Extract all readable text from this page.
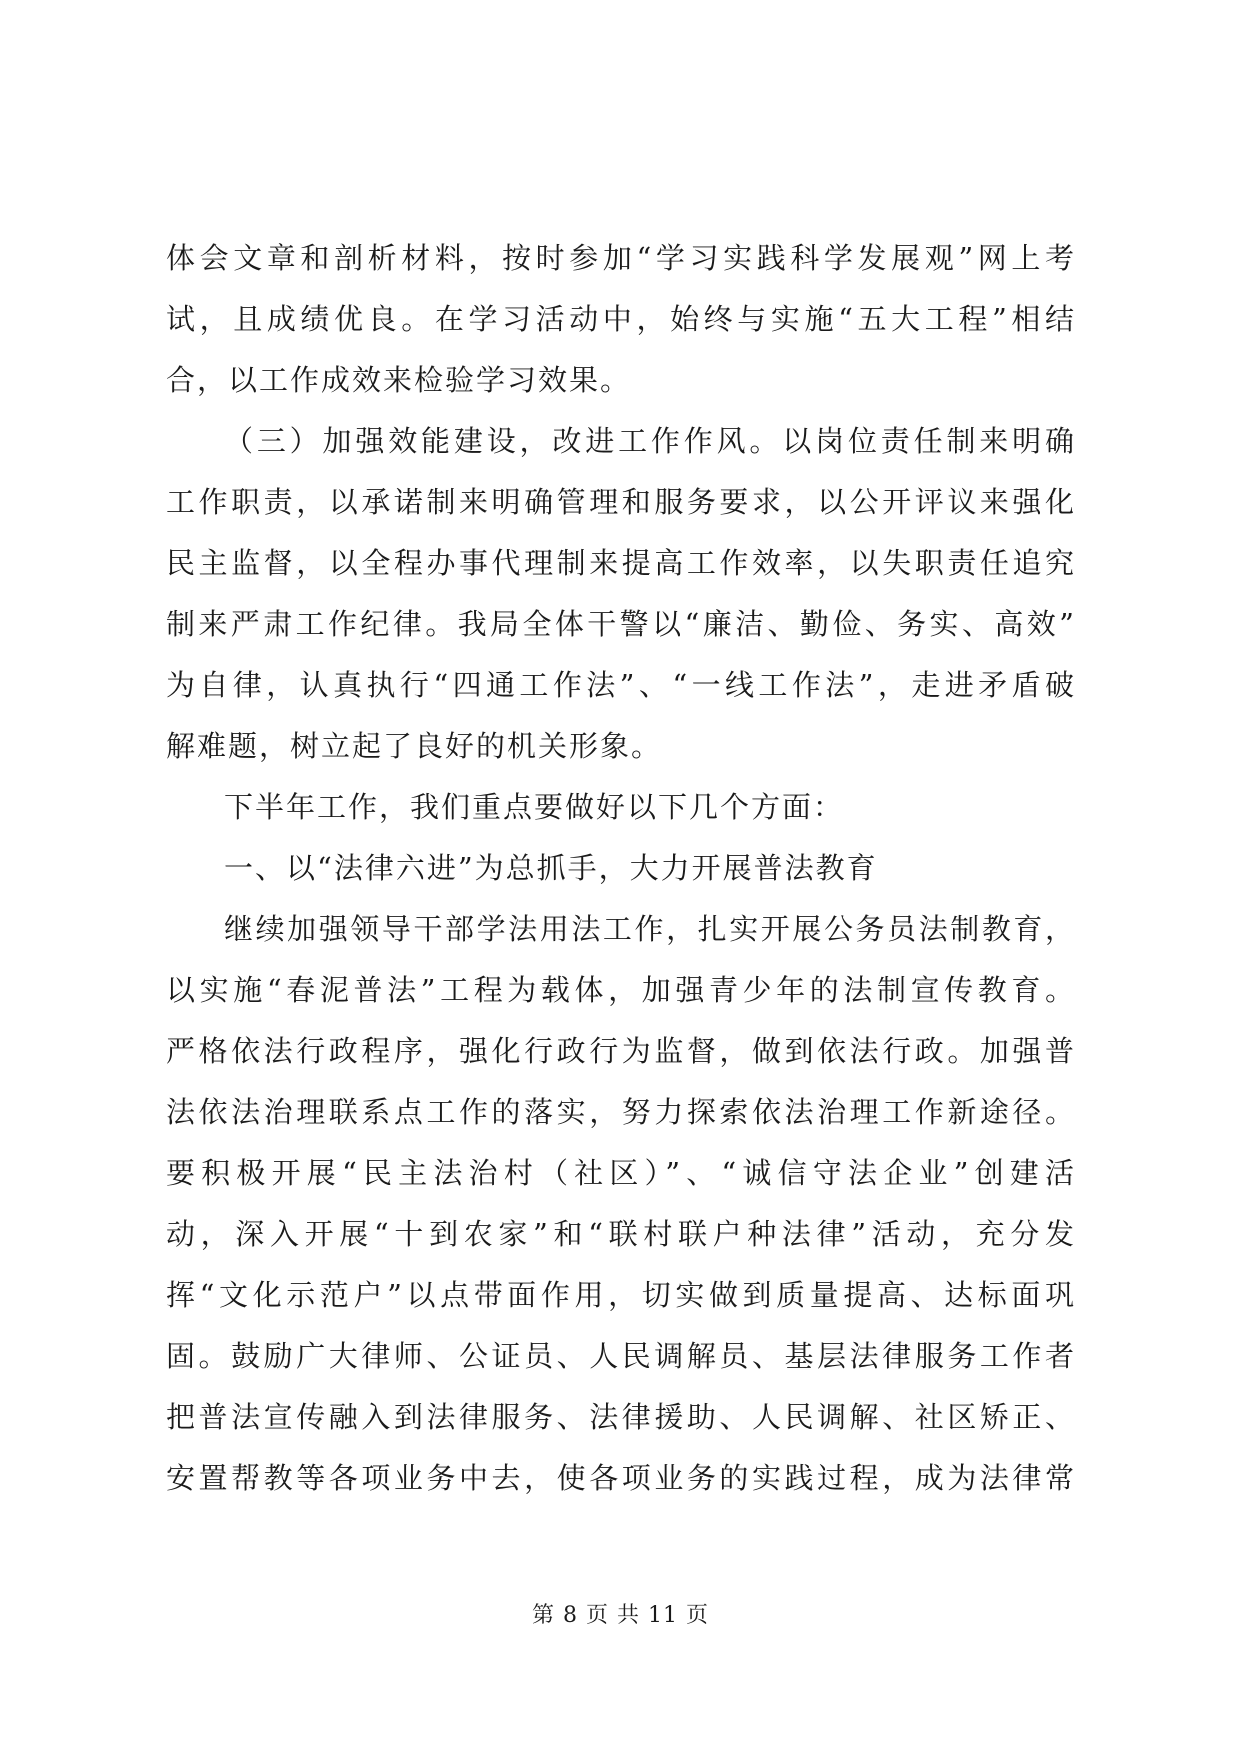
体会文章和剖析材料，按时参加“学习实践科学发展观”网上考
试，且成绩优良。在学习活动中，始终与实施“五大工程”相结
合，以工作成效来检验学习效果。
（三）加强效能建设，改进工作作风。以岗位责任制来明确
工作职责，以承诺制来明确管理和服务要求，以公开评议来强化
民主监督，以全程办事代理制来提高工作效率，以失职责任追究
制来严肃工作纪律。我局全体干警以“廉洁、勤俭、务实、高效”
为自律，认真执行“四通工作法”、“一线工作法”，走进矛盾破
解难题，树立起了良好的机关形象。
下半年工作，我们重点要做好以下几个方面：
一、以“法律六进”为总抓手，大力开展普法教育
继续加强领导干部学法用法工作，扎实开展公务员法制教育，
以实施“春泥普法”工程为载体，加强青少年的法制宣传教育。
严格依法行政程序，强化行政行为监督，做到依法行政。加强普
法依法治理联系点工作的落实，努力探索依法治理工作新途径。
要积极开展“民主法治村（社区）”、“诚信守法企业”创建活
动，深入开展“十到农家”和“联村联户种法律”活动，充分发
挥“文化示范户”以点带面作用，切实做到质量提高、达标面巩
固。鼓励广大律师、公证员、人民调解员、基层法律服务工作者
把普法宣传融入到法律服务、法律援助、人民调解、社区矫正、
安置帮教等各项业务中去，使各项业务的实践过程，成为法律常
第 8 页 共 11 页
